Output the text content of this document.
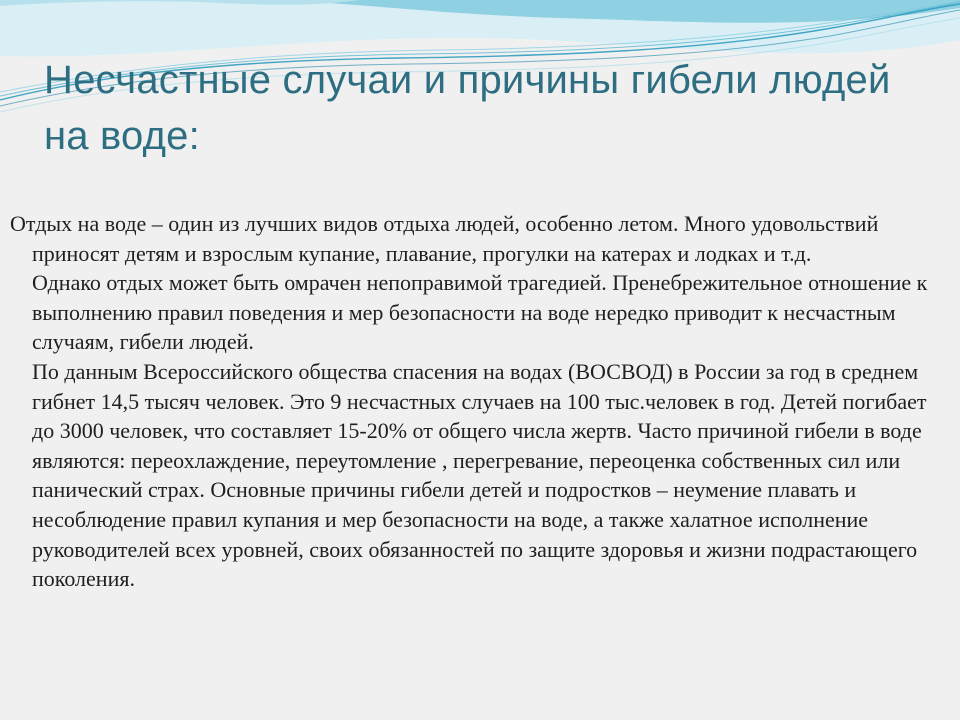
Несчастные случаи и причины гибели людей на воде:

Отдых на воде – один из лучших видов отдыха людей, особенно летом. Много удовольствий приносят детям и взрослым купание, плавание, прогулки на катерах и лодках и т.д.

Однако отдых может быть омрачен непоправимой трагедией. Пренебрежительное отношение к выполнению правил поведения и мер безопасности на воде нередко приводит к несчастным случаям, гибели людей.

По данным Всероссийского общества спасения на водах (ВОСВОД) в России за год в среднем гибнет 14,5 тысяч человек. Это 9 несчастных случаев на 100 тыс.человек в год. Детей погибает до 3000 человек, что составляет 15-20% от общего числа жертв. Часто причиной гибели в воде являются: переохлаждение, переутомление , перегревание, переоценка собственных сил или панический страх. Основные причины гибели детей и подростков – неумение плавать и несоблюдение правил купания и мер безопасности на воде, а также халатное исполнение руководителей всех уровней, своих обязанностей по защите здоровья и жизни подрастающего поколения.
